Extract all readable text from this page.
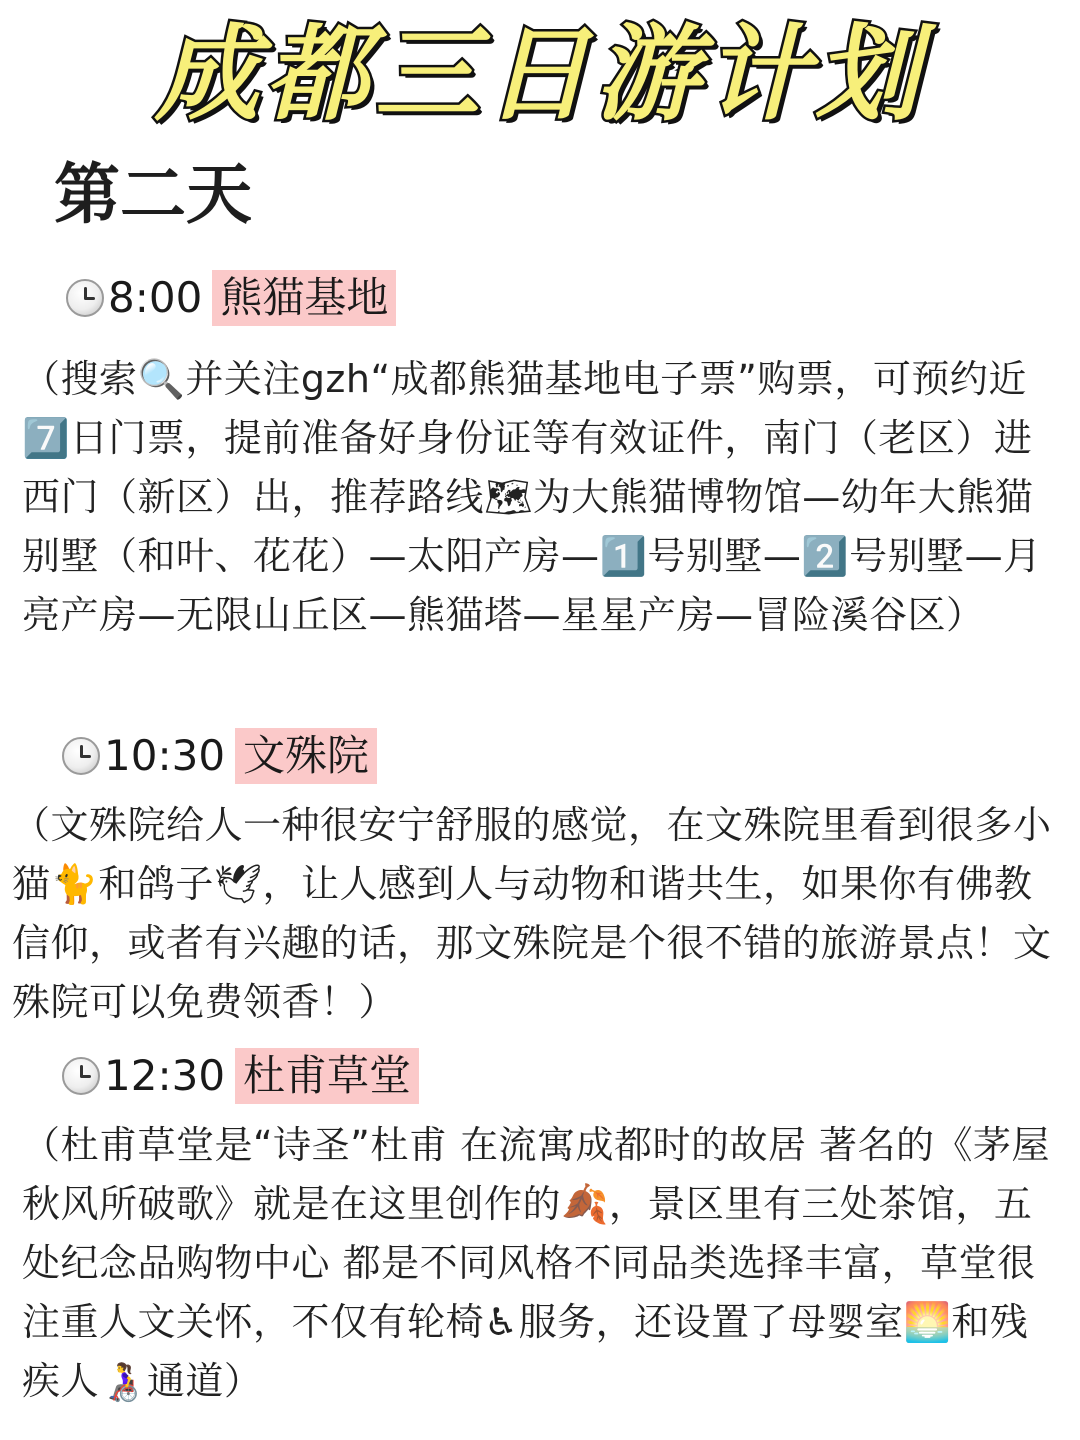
成都三日游计划
第二天
8:00 熊猫基地
（搜索🔍并关注gzh“成都熊猫基地电子票”购票，可预约近7️⃣日门票，提前准备好身份证等有效证件，南门（老区）进 西门（新区）出，推荐路线🗺为大熊猫博物馆—幼年大熊猫别墅（和叶、花花）—太阳产房—1️⃣号别墅—2️⃣号别墅—月亮产房—无限山丘区—熊猫塔—星星产房—冒险溪谷区）
10:30 文殊院
（文殊院给人一种很安宁舒服的感觉，在文殊院里看到很多小猫🐈和鸽子🕊，让人感到人与动物和谐共生，如果你有佛教信仰，或者有兴趣的话，那文殊院是个很不错的旅游景点！文殊院可以免费领香！）
12:30 杜甫草堂
（杜甫草堂是“诗圣”杜甫 在流寓成都时的故居 著名的《茅屋秋风所破歌》就是在这里创作的🍂，景区里有三处茶馆，五处纪念品购物中心 都是不同风格不同品类选择丰富，草堂很注重人文关怀，不仅有轮椅♿服务，还设置了母婴室🌅和残疾人👩‍🦽通道）
